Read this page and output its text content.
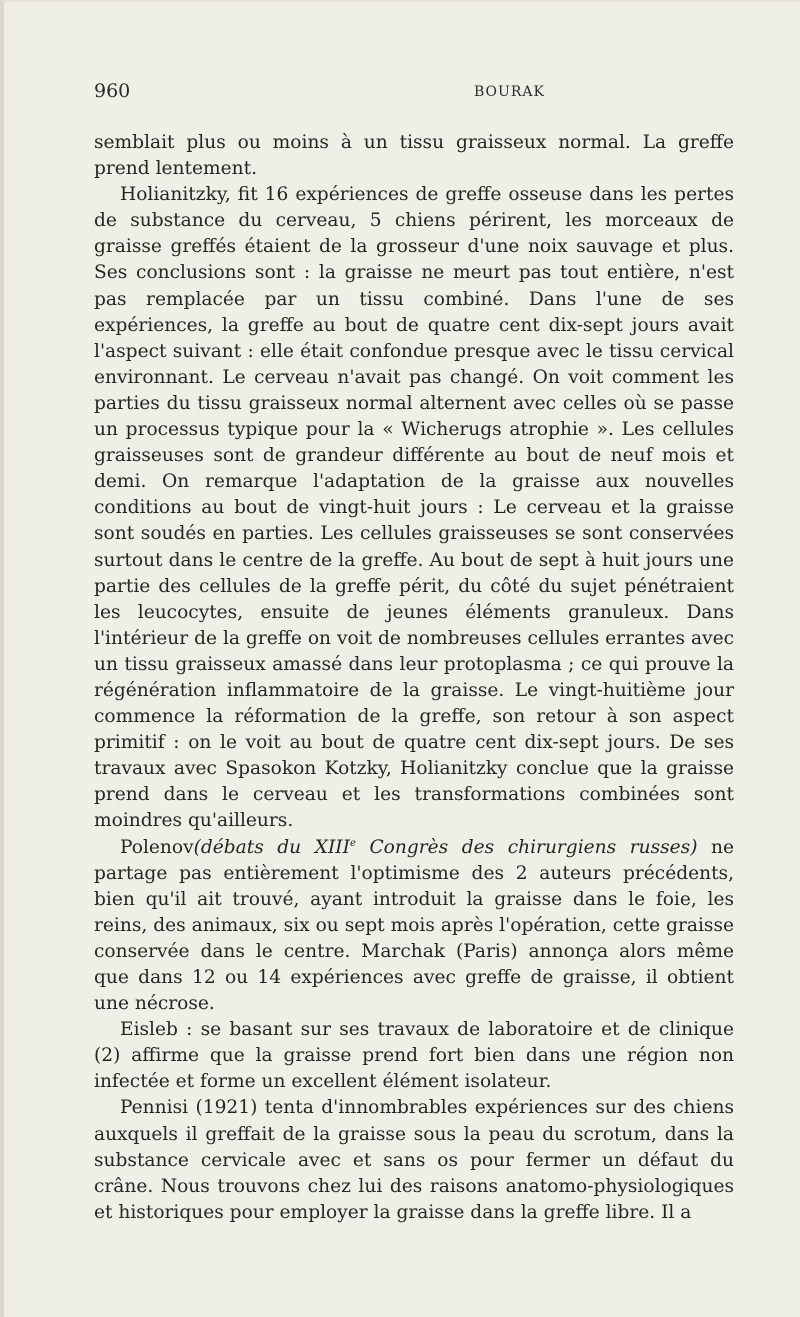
960	BOURAK

semblait plus ou moins à un tissu graisseux normal. La greffe prend lentement.

Holianitzky, fit 16 expériences de greffe osseuse dans les pertes de substance du cerveau, 5 chiens périrent, les morceaux de graisse greffés étaient de la grosseur d'une noix sauvage et plus. Ses conclusions sont : la graisse ne meurt pas tout entière, n'est pas remplacée par un tissu combiné. Dans l'une de ses expériences, la greffe au bout de quatre cent dix-sept jours avait l'aspect suivant : elle était confondue presque avec le tissu cervical environnant. Le cerveau n'avait pas changé. On voit comment les parties du tissu graisseux normal alternent avec celles où se passe un processus typique pour la « Wicherugs atrophie ». Les cellules graisseuses sont de grandeur différente au bout de neuf mois et demi. On remarque l'adaptation de la graisse aux nouvelles conditions au bout de vingt-huit jours : Le cerveau et la graisse sont soudés en parties. Les cellules graisseuses se sont conservées surtout dans le centre de la greffe. Au bout de sept à huit jours une partie des cellules de la greffe périt, du côté du sujet pénétraient les leucocytes, ensuite de jeunes éléments granuleux. Dans l'intérieur de la greffe on voit de nombreuses cellules errantes avec un tissu graisseux amassé dans leur protoplasma ; ce qui prouve la régénération inflammatoire de la graisse. Le vingt-huitième jour commence la réformation de la greffe, son retour à son aspect primitif : on le voit au bout de quatre cent dix-sept jours. De ses travaux avec Spasokon Kotzky, Holianitzky conclue que la graisse prend dans le cerveau et les transformations combinées sont moindres qu'ailleurs.

Polenov(débats du XIIIe Congrès des chirurgiens russes) ne partage pas entièrement l'optimisme des 2 auteurs précédents, bien qu'il ait trouvé, ayant introduit la graisse dans le foie, les reins, des animaux, six ou sept mois après l'opération, cette graisse conservée dans le centre. Marchak (Paris) annonça alors même que dans 12 ou 14 expériences avec greffe de graisse, il obtient une nécrose.

Eisleb : se basant sur ses travaux de laboratoire et de clinique (2) affirme que la graisse prend fort bien dans une région non infectée et forme un excellent élément isolateur.

Pennisi (1921) tenta d'innombrables expériences sur des chiens auxquels il greffait de la graisse sous la peau du scrotum, dans la substance cervicale avec et sans os pour fermer un défaut du crâne. Nous trouvons chez lui des raisons anatomo-physiologiques et historiques pour employer la graisse dans la greffe libre. Il a
